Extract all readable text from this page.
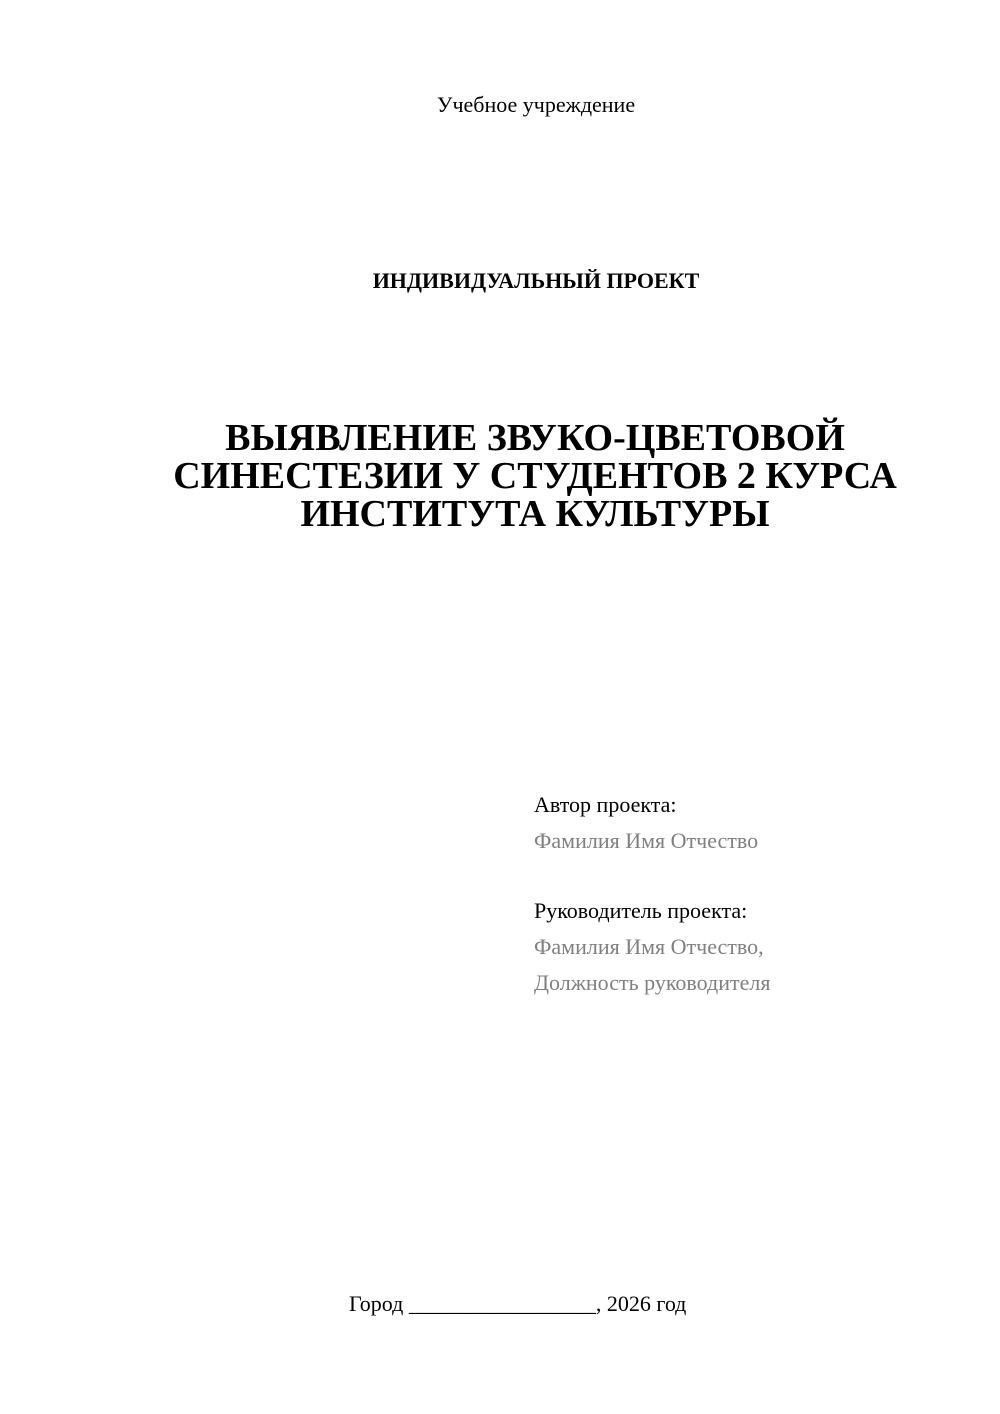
Учебное учреждение
ИНДИВИДУАЛЬНЫЙ ПРОЕКТ
ВЫЯВЛЕНИЕ ЗВУКО-ЦВЕТОВОЙ
СИНЕСТЕЗИИ У СТУДЕНТОВ 2 КУРСА
ИНСТИТУТА КУЛЬТУРЫ
Автор проекта:
Фамилия Имя Отчество
Руководитель проекта:
Фамилия Имя Отчество,
Должность руководителя
Город _________________, 2026 год
